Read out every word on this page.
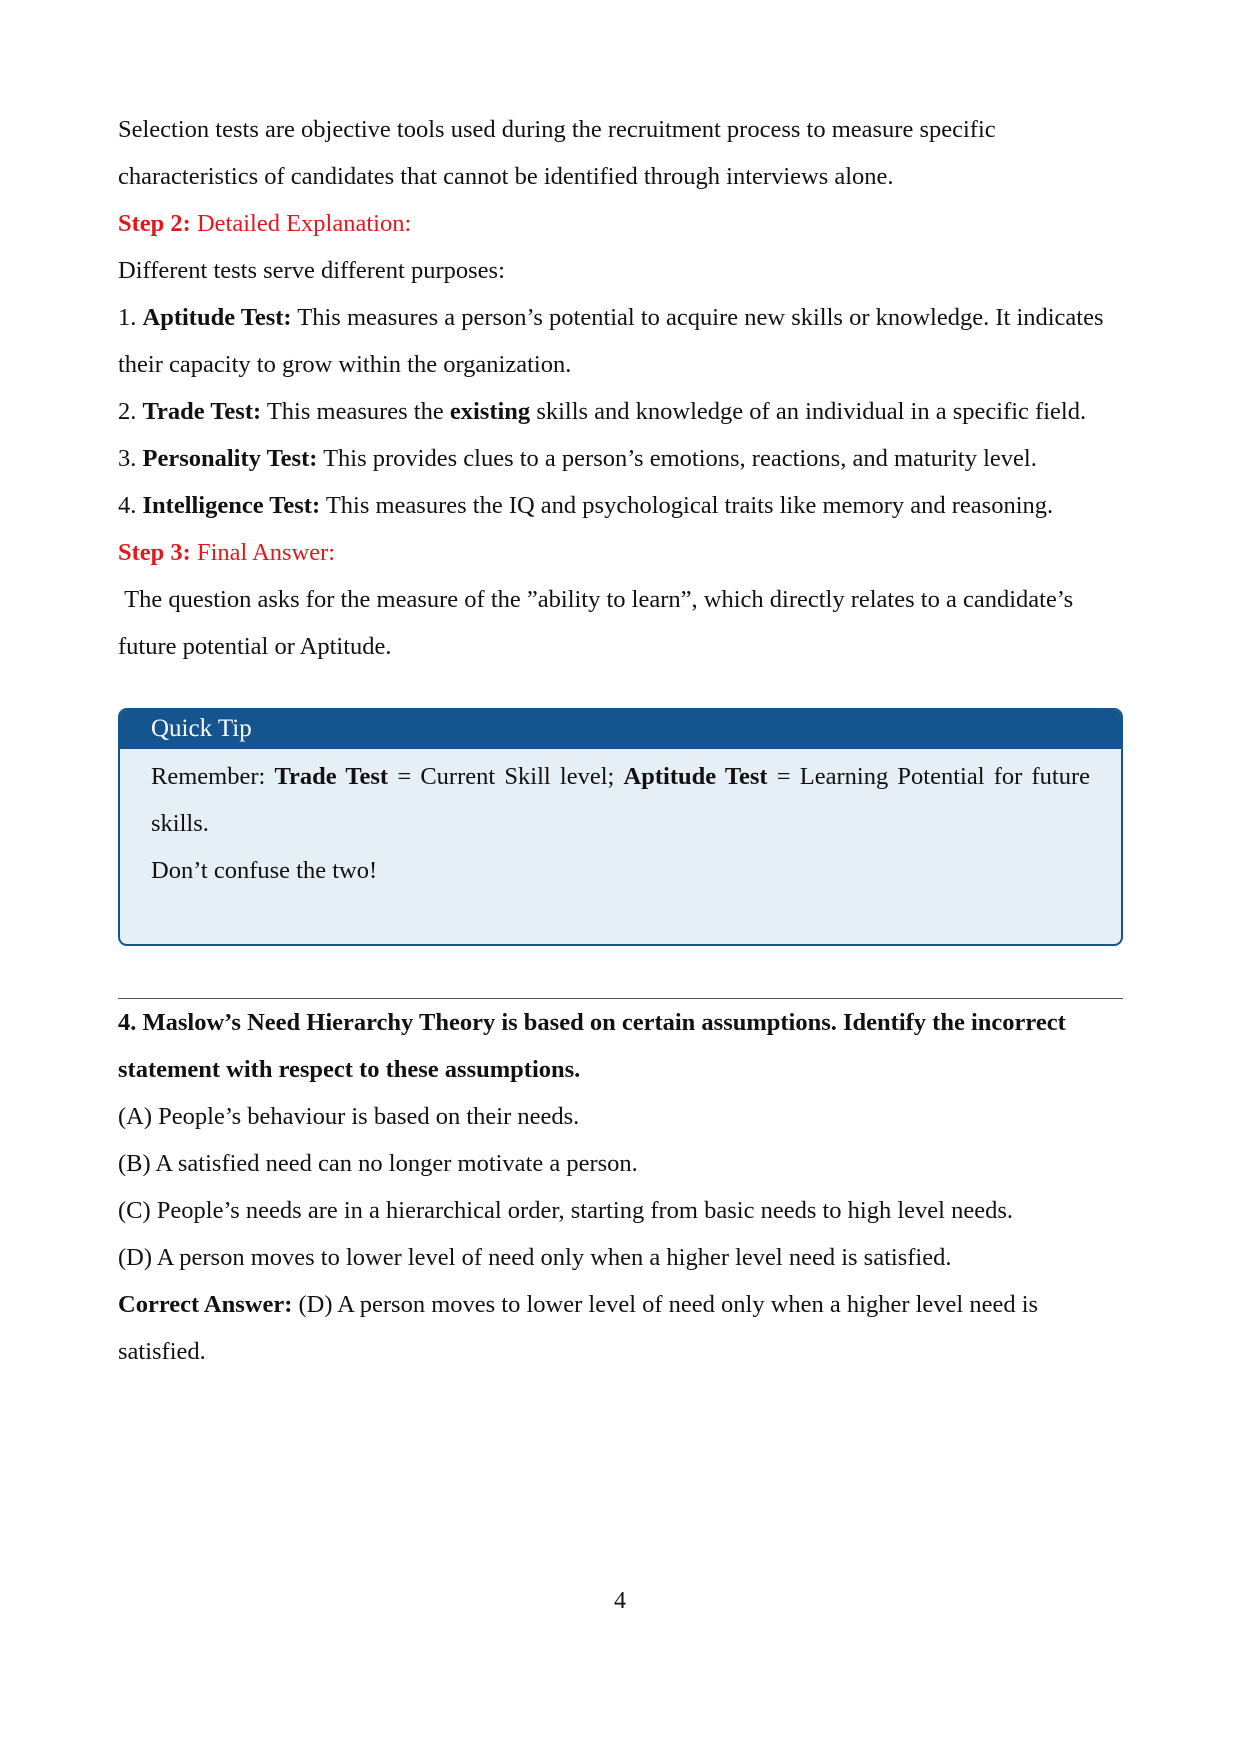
Selection tests are objective tools used during the recruitment process to measure specific characteristics of candidates that cannot be identified through interviews alone.

Step 2: Detailed Explanation:

Different tests serve different purposes:

1. Aptitude Test: This measures a person’s potential to acquire new skills or knowledge. It indicates their capacity to grow within the organization.

2. Trade Test: This measures the existing skills and knowledge of an individual in a specific field.

3. Personality Test: This provides clues to a person’s emotions, reactions, and maturity level.

4. Intelligence Test: This measures the IQ and psychological traits like memory and reasoning.

Step 3: Final Answer:

The question asks for the measure of the ”ability to learn”, which directly relates to a candidate’s future potential or Aptitude.

Quick Tip

Remember: Trade Test = Current Skill level; Aptitude Test = Learning Potential for future skills.

Don’t confuse the two!

4. Maslow’s Need Hierarchy Theory is based on certain assumptions. Identify the incorrect statement with respect to these assumptions.

(A) People’s behaviour is based on their needs.

(B) A satisfied need can no longer motivate a person.

(C) People’s needs are in a hierarchical order, starting from basic needs to high level needs.

(D) A person moves to lower level of need only when a higher level need is satisfied.

Correct Answer: (D) A person moves to lower level of need only when a higher level need is satisfied.

4
